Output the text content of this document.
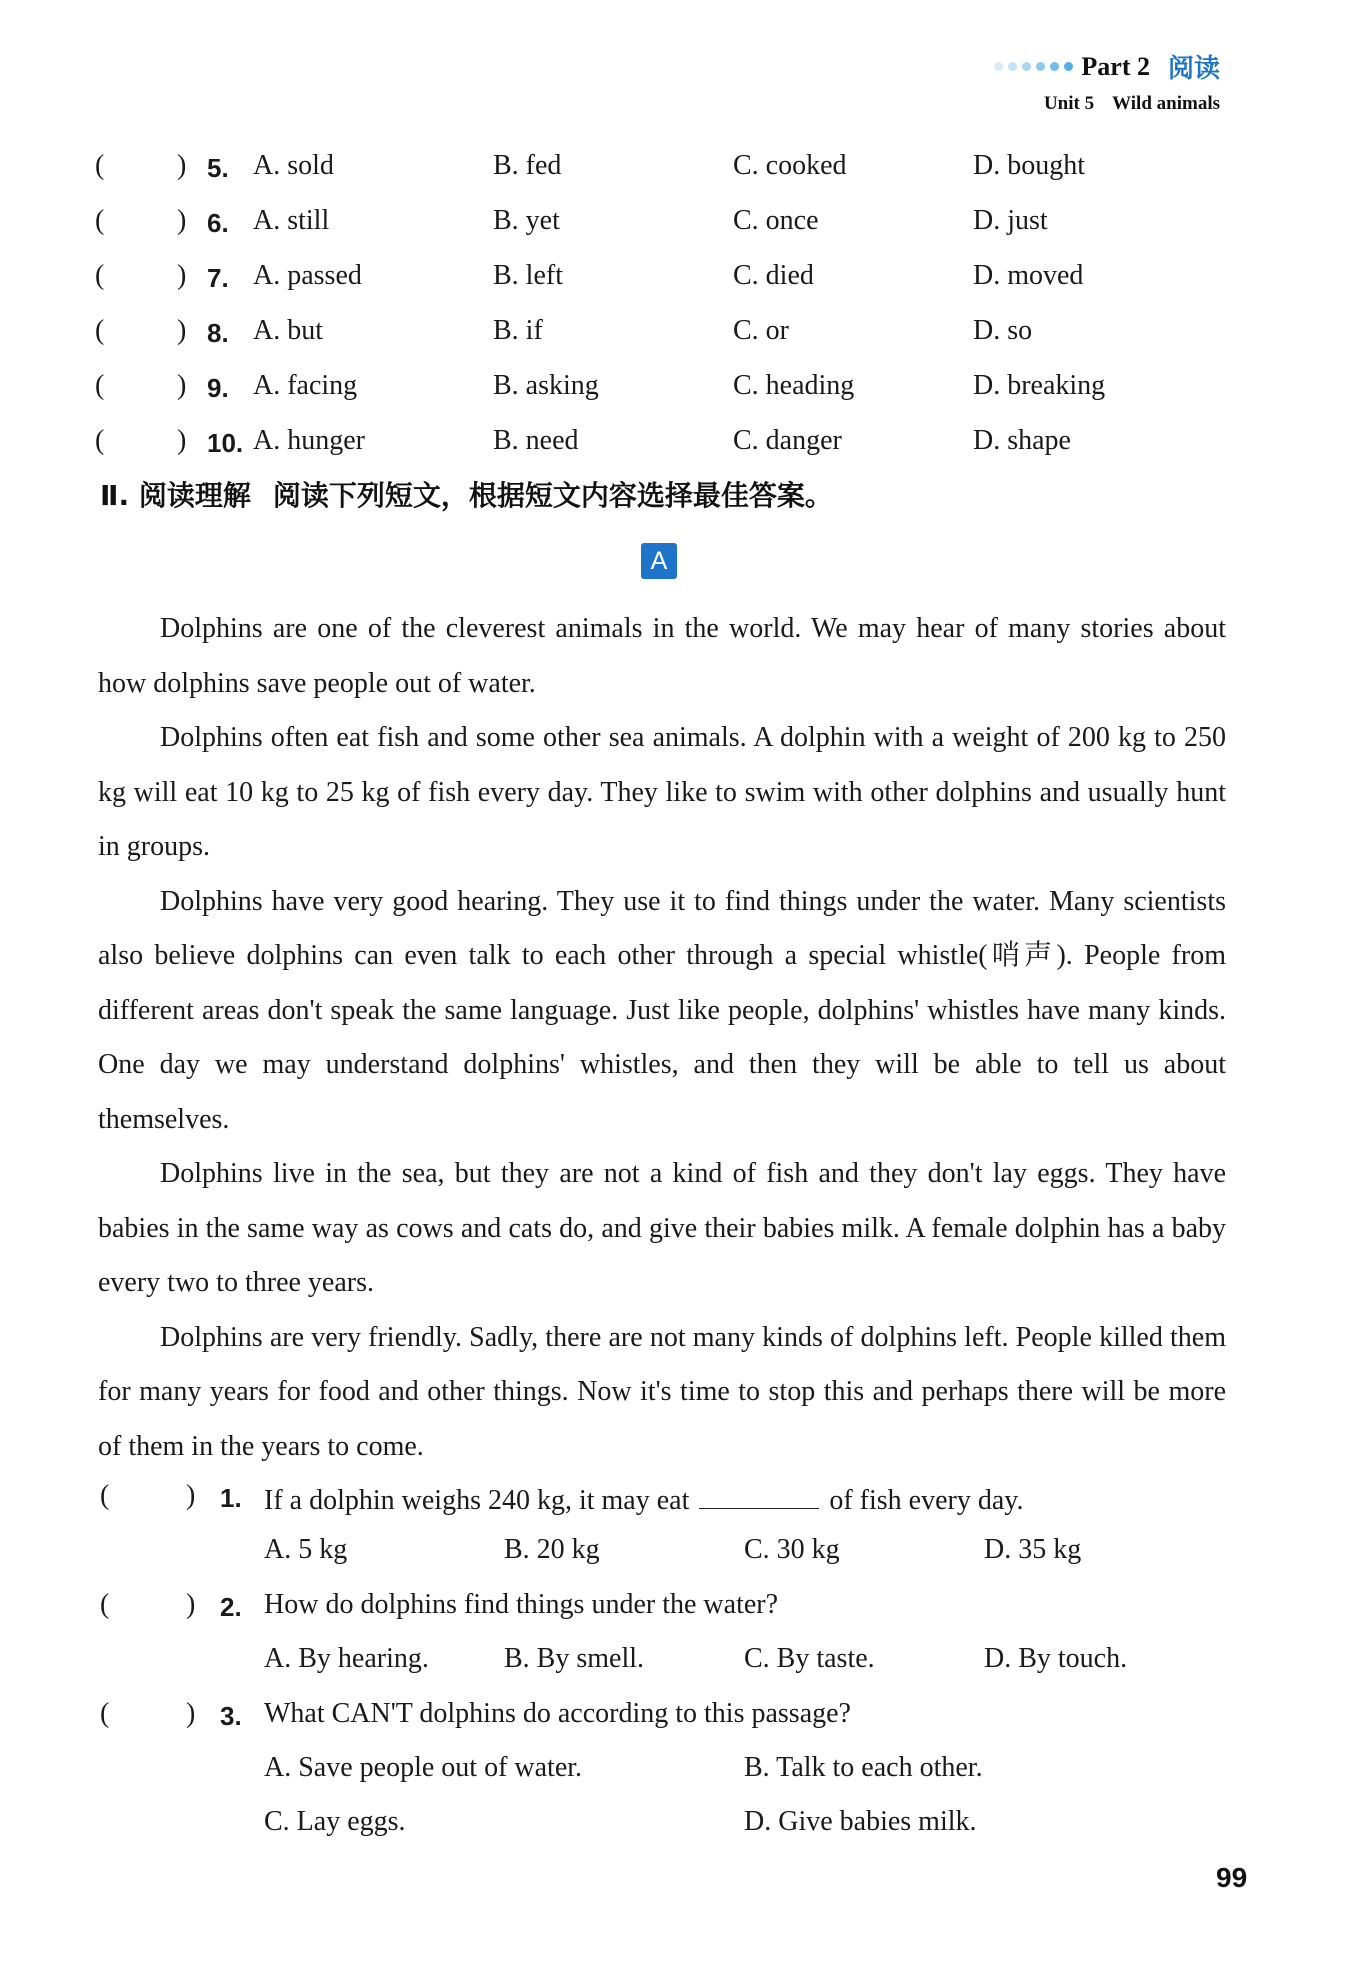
Part 2 阅读
Unit 5 Wild animals
(	) 5. A. sold	B. fed	C. cooked	D. bought
(	) 6. A. still	B. yet	C. once	D. just
(	) 7. A. passed	B. left	C. died	D. moved
(	) 8. A. but	B. if	C. or	D. so
(	) 9. A. facing	B. asking	C. heading	D. breaking
(	) 10. A. hunger	B. need	C. danger	D. shape
Ⅱ. 阅读理解 阅读下列短文，根据短文内容选择最佳答案。
A

Dolphins are one of the cleverest animals in the world. We may hear of many stories about how dolphins save people out of water.

Dolphins often eat fish and some other sea animals. A dolphin with a weight of 200 kg to 250 kg will eat 10 kg to 25 kg of fish every day. They like to swim with other dolphins and usually hunt in groups.

Dolphins have very good hearing. They use it to find things under the water. Many scientists also believe dolphins can even talk to each other through a special whistle(哨声). People from different areas don't speak the same language. Just like people, dolphins' whistles have many kinds. One day we may understand dolphins' whistles, and then they will be able to tell us about themselves.

Dolphins live in the sea, but they are not a kind of fish and they don't lay eggs. They have babies in the same way as cows and cats do, and give their babies milk. A female dolphin has a baby every two to three years.

Dolphins are very friendly. Sadly, there are not many kinds of dolphins left. People killed them for many years for food and other things. Now it's time to stop this and perhaps there will be more of them in the years to come.

(	) 1. If a dolphin weighs 240 kg, it may eat	of fish every day.
A. 5 kg	B. 20 kg	C. 30 kg	D. 35 kg
(	) 2. How do dolphins find things under the water?
A. By hearing.	B. By smell.	C. By taste.	D. By touch.
(	) 3. What CAN'T dolphins do according to this passage?
A. Save people out of water.	B. Talk to each other.
C. Lay eggs.	D. Give babies milk.
99
